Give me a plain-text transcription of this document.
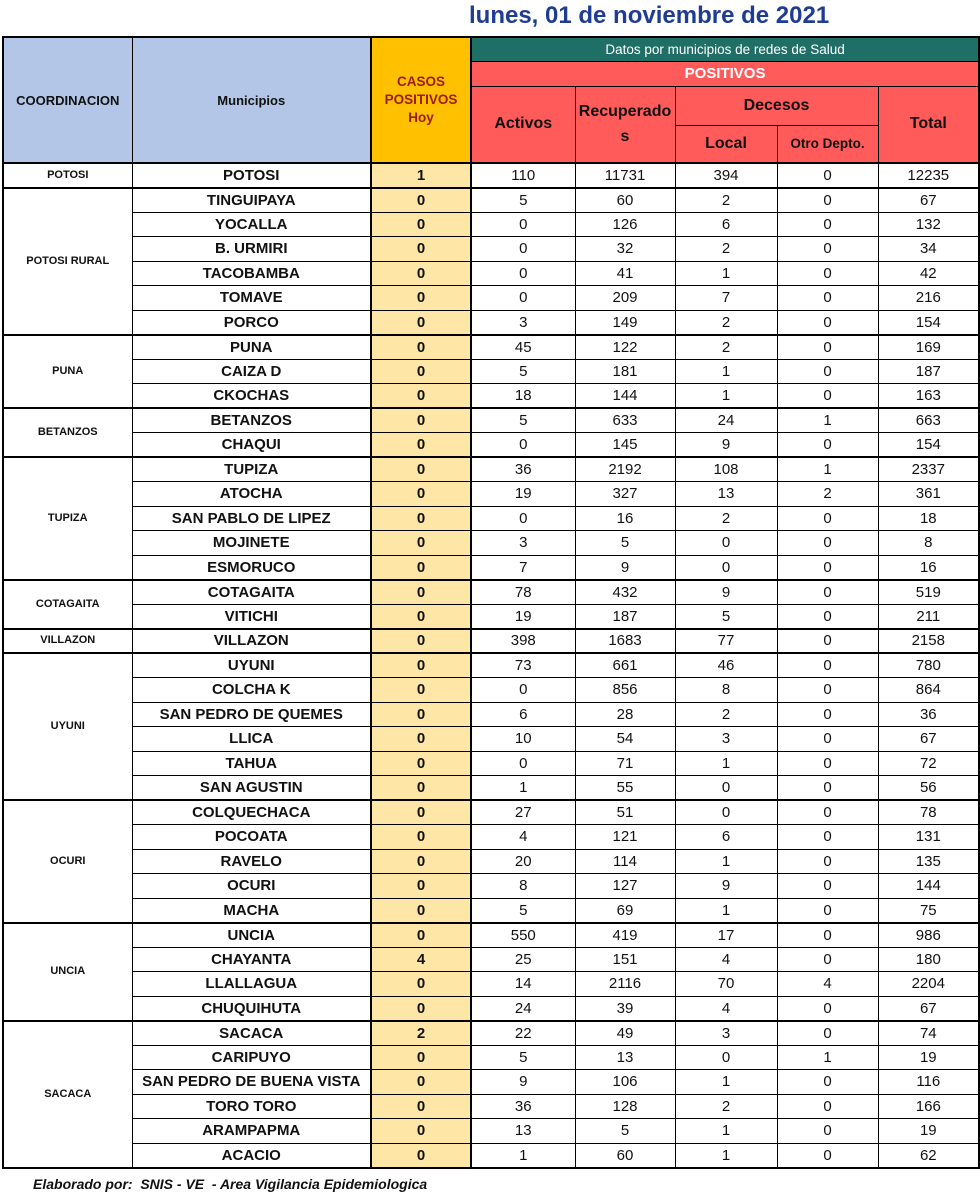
lunes, 01 de noviembre de 2021
COORDINACION	Municipios	CASOS POSITIVOS Hoy	Datos por municipios de redes de Salud				
			POSITIVOS				
			Activos	Recuperados	Decesos		Total
					Local	Otro Depto.	
POTOSI	POTOSI	1	110	11731	394	0	12235
POTOSI RURAL	TINGUIPAYA	0	5	60	2	0	67
	YOCALLA	0	0	126	6	0	132
	B. URMIRI	0	0	32	2	0	34
	TACOBAMBA	0	0	41	1	0	42
	TOMAVE	0	0	209	7	0	216
	PORCO	0	3	149	2	0	154
PUNA	PUNA	0	45	122	2	0	169
	CAIZA D	0	5	181	1	0	187
	CKOCHAS	0	18	144	1	0	163
BETANZOS	BETANZOS	0	5	633	24	1	663
	CHAQUI	0	0	145	9	0	154
TUPIZA	TUPIZA	0	36	2192	108	1	2337
	ATOCHA	0	19	327	13	2	361
	SAN PABLO DE LIPEZ	0	0	16	2	0	18
	MOJINETE	0	3	5	0	0	8
	ESMORUCO	0	7	9	0	0	16
COTAGAITA	COTAGAITA	0	78	432	9	0	519
	VITICHI	0	19	187	5	0	211
VILLAZON	VILLAZON	0	398	1683	77	0	2158
UYUNI	UYUNI	0	73	661	46	0	780
	COLCHA K	0	0	856	8	0	864
	SAN PEDRO DE QUEMES	0	6	28	2	0	36
	LLICA	0	10	54	3	0	67
	TAHUA	0	0	71	1	0	72
	SAN AGUSTIN	0	1	55	0	0	56
OCURI	COLQUECHACA	0	27	51	0	0	78
	POCOATA	0	4	121	6	0	131
	RAVELO	0	20	114	1	0	135
	OCURI	0	8	127	9	0	144
	MACHA	0	5	69	1	0	75
UNCIA	UNCIA	0	550	419	17	0	986
	CHAYANTA	4	25	151	4	0	180
	LLALLAGUA	0	14	2116	70	4	2204
	CHUQUIHUTA	0	24	39	4	0	67
SACACA	SACACA	2	22	49	3	0	74
	CARIPUYO	0	5	13	0	1	19
	SAN PEDRO DE BUENA VISTA	0	9	106	1	0	116
	TORO TORO	0	36	128	2	0	166
	ARAMPAPMA	0	13	5	1	0	19
	ACACIO	0	1	60	1	0	62
Elaborado por:  SNIS - VE  - Area Vigilancia Epidemiologica
